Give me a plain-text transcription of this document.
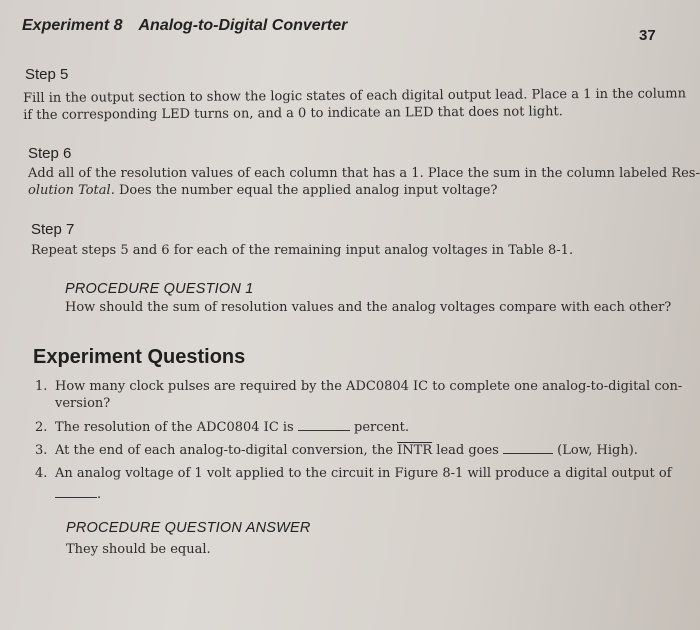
Experiment 8 Analog-to-Digital Converter
37
Step 5
Fill in the output section to show the logic states of each digital output lead. Place a 1 in the column
if the corresponding LED turns on, and a 0 to indicate an LED that does not light.
Step 6
Add all of the resolution values of each column that has a 1. Place the sum in the column labeled Res-
olution Total. Does the number equal the applied analog input voltage?
Step 7
Repeat steps 5 and 6 for each of the remaining input analog voltages in Table 8-1.
PROCEDURE QUESTION 1
How should the sum of resolution values and the analog voltages compare with each other?
Experiment Questions
1. How many clock pulses are required by the ADC0804 IC to complete one analog-to-digital con-
version?
2. The resolution of the ADC0804 IC is	percent.
3. At the end of each analog-to-digital conversion, the INTR lead goes	(Low, High).
4. An analog voltage of 1 volt applied to the circuit in Figure 8-1 will produce a digital output of
.
PROCEDURE QUESTION ANSWER
They should be equal.
